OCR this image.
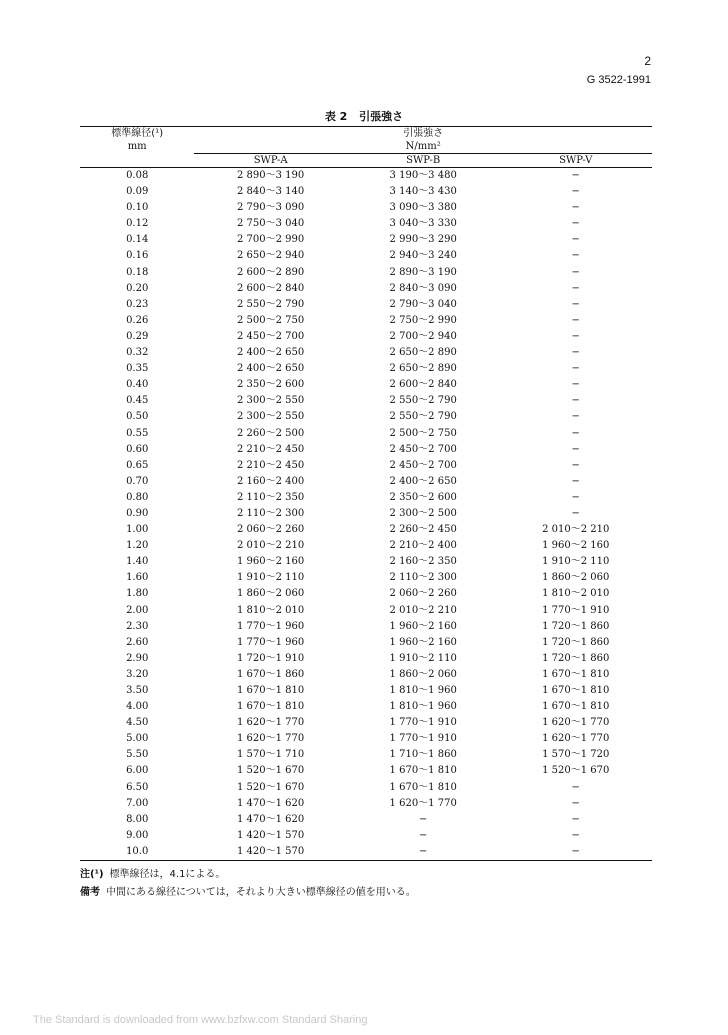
2
G 3522-1991
表 2 引張強さ
標準線径(¹)	引張強さ		
mm	N/mm²		
	SWP-A	SWP-B	SWP-V
0.08	2 890〜3 190	3 190〜3 480	−
0.09	2 840〜3 140	3 140〜3 430	−
0.10	2 790〜3 090	3 090〜3 380	−
0.12	2 750〜3 040	3 040〜3 330	−
0.14	2 700〜2 990	2 990〜3 290	−
0.16	2 650〜2 940	2 940〜3 240	−
0.18	2 600〜2 890	2 890〜3 190	−
0.20	2 600〜2 840	2 840〜3 090	−
0.23	2 550〜2 790	2 790〜3 040	−
0.26	2 500〜2 750	2 750〜2 990	−
0.29	2 450〜2 700	2 700〜2 940	−
0.32	2 400〜2 650	2 650〜2 890	−
0.35	2 400〜2 650	2 650〜2 890	−
0.40	2 350〜2 600	2 600〜2 840	−
0.45	2 300〜2 550	2 550〜2 790	−
0.50	2 300〜2 550	2 550〜2 790	−
0.55	2 260〜2 500	2 500〜2 750	−
0.60	2 210〜2 450	2 450〜2 700	−
0.65	2 210〜2 450	2 450〜2 700	−
0.70	2 160〜2 400	2 400〜2 650	−
0.80	2 110〜2 350	2 350〜2 600	−
0.90	2 110〜2 300	2 300〜2 500	−
1.00	2 060〜2 260	2 260〜2 450	2 010〜2 210
1.20	2 010〜2 210	2 210〜2 400	1 960〜2 160
1.40	1 960〜2 160	2 160〜2 350	1 910〜2 110
1.60	1 910〜2 110	2 110〜2 300	1 860〜2 060
1.80	1 860〜2 060	2 060〜2 260	1 810〜2 010
2.00	1 810〜2 010	2 010〜2 210	1 770〜1 910
2.30	1 770〜1 960	1 960〜2 160	1 720〜1 860
2.60	1 770〜1 960	1 960〜2 160	1 720〜1 860
2.90	1 720〜1 910	1 910〜2 110	1 720〜1 860
3.20	1 670〜1 860	1 860〜2 060	1 670〜1 810
3.50	1 670〜1 810	1 810〜1 960	1 670〜1 810
4.00	1 670〜1 810	1 810〜1 960	1 670〜1 810
4.50	1 620〜1 770	1 770〜1 910	1 620〜1 770
5.00	1 620〜1 770	1 770〜1 910	1 620〜1 770
5.50	1 570〜1 710	1 710〜1 860	1 570〜1 720
6.00	1 520〜1 670	1 670〜1 810	1 520〜1 670
6.50	1 520〜1 670	1 670〜1 810	−
7.00	1 470〜1 620	1 620〜1 770	−
8.00	1 470〜1 620	−	−
9.00	1 420〜1 570	−	−
10.0	1 420〜1 570	−	−
注(¹) 標準線径は，4.1による。
備考 中間にある線径については，それより大きい標準線径の値を用いる。
The Standard is downloaded from www.bzfxw.com Standard Sharing
